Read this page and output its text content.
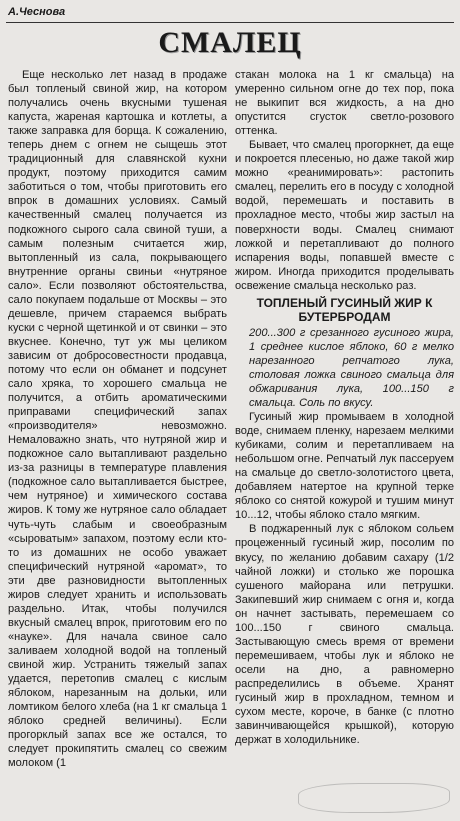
А.Чеснова
СМАЛЕЦ

Еще несколько лет назад в продаже был топленый свиной жир, на котором получались очень вкусными тушеная капуста, жареная картошка и котлеты, а также заправка для борща. К сожалению, теперь днем с огнем не сыщешь этот традиционный для славянской кухни продукт, поэтому приходится самим заботиться о том, чтобы приготовить его впрок в домашних условиях. Самый качественный смалец получается из подкожного сырого сала свиной туши, а самым полезным считается жир, вытопленный из сала, покрывающего внутренние органы свиньи «нутряное сало». Если позволяют обстоятельства, сало покупаем подальше от Москвы – это дешевле, причем стараемся выбрать куски с черной щетинкой и от свинки – это вкуснее. Конечно, тут уж мы целиком зависим от добросовестности продавца, потому что если он обманет и подсунет сало хряка, то хорошего смальца не получится, а отбить ароматическими приправами специфический запах «производителя» невозможно. Немаловажно знать, что нутряной жир и подкожное сало вытапливают раздельно из-за разницы в температуре плавления (подкожное сало вытапливается быстрее, чем нутряное) и химического состава жиров. К тому же нутряное сало обладает чуть-чуть слабым и своеобразным «сыроватым» запахом, поэтому если кто-то из домашних не особо уважает специфический нутряной «аромат», то эти две разновидности вытопленных жиров следует хранить и использовать раздельно. Итак, чтобы получился вкусный смалец впрок, приготовим его по «науке». Для начала свиное сало заливаем холодной водой на топленый свиной жир. Устранить тяжелый запах удается, перетопив смалец с кислым яблоком, нарезанным на дольки, или ломтиком белого хлеба (на 1 кг смальца 1 яблоко средней величины). Если прогорклый запах все же остался, то следует прокипятить смалец со свежим молоком (1

стакан молока на 1 кг смальца) на умеренно сильном огне до тех пор, пока не выкипит вся жидкость, а на дно опустится сгусток светло-розового оттенка.

Бывает, что смалец прогоркнет, да еще и покроется плесенью, но даже такой жир можно «реанимировать»: растопить смалец, перелить его в посуду с холодной водой, перемешать и поставить в прохладное место, чтобы жир застыл на поверхности воды. Смалец снимают ложкой и перетапливают до полного испарения воды, попавшей вместе с жиром. Иногда приходится проделывать освежение смальца несколько раз.

ТОПЛЕНЫЙ ГУСИНЫЙ ЖИР К БУТЕРБРОДАМ

200...300 г срезанного гусиного жира, 1 среднее кислое яблоко, 60 г мелко нарезанного репчатого лука, столовая ложка свиного смальца для обжаривания лука, 100...150 г смальца. Соль по вкусу.

Гусиный жир промываем в холодной воде, снимаем пленку, нарезаем мелкими кубиками, солим и перетапливаем на небольшом огне. Репчатый лук пассеруем на смальце до светло-золотистого цвета, добавляем натертое на крупной терке яблоко со снятой кожурой и тушим минут 10...12, чтобы яблоко стало мягким.

В поджаренный лук с яблоком сольем процеженный гусиный жир, посолим по вкусу, по желанию добавим сахару (1/2 чайной ложки) и столько же порошка сушеного майорана или петрушки. Закипевший жир снимаем с огня и, когда он начнет застывать, перемешаем со 100...150 г свиного смальца. Застывающую смесь время от времени перемешиваем, чтобы лук и яблоко не осели на дно, а равномерно распределились в объеме. Хранят гусиный жир в прохладном, темном и сухом месте, короче, в банке (с плотно завинчивающейся крышкой), которую держат в холодильнике.
